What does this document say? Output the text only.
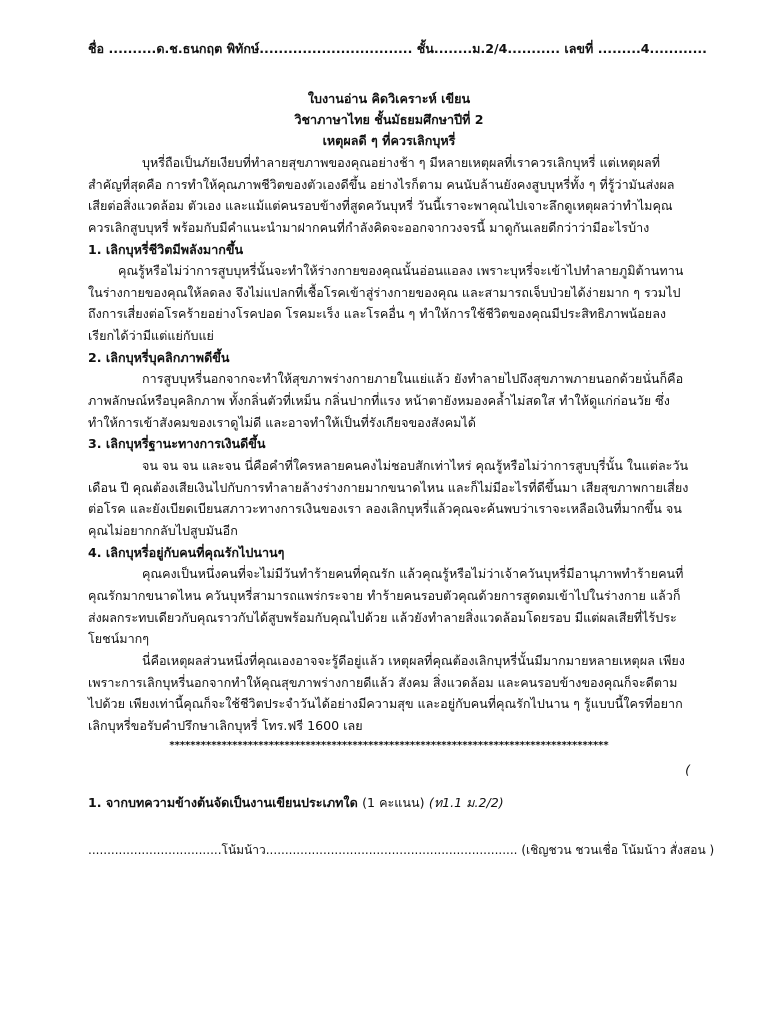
ชื่อ ..........ด.ช.ธนกฤต พิทักษ์................................ ชั้น........ม.2/4........... เลขที่ .........4............

ใบงานอ่าน คิดวิเคราะห์ เขียน

วิชาภาษาไทย ชั้นมัธยมศึกษาปีที่ 2

เหตุผลดี ๆ ที่ควรเลิกบุหรี่

บุหรี่ถือเป็นภัยเงียบที่ทำลายสุขภาพของคุณอย่างช้า ๆ มีหลายเหตุผลที่เราควรเลิกบุหรี่ แต่เหตุผลที่สำคัญที่สุดคือ การทำให้คุณภาพชีวิตของตัวเองดีขึ้น อย่างไรก็ตาม คนนับล้านยังคงสูบบุหรี่ทั้ง ๆ ที่รู้ว่ามันส่งผลเสียต่อสิ่งแวดล้อม ตัวเอง และแม้แต่คนรอบข้างที่สูดควันบุหรี่ วันนี้เราจะพาคุณไปเจาะลึกดูเหตุผลว่าทำไมคุณควรเลิกสูบบุหรี่ พร้อมกับมีคำแนะนำมาฝากคนที่กำลังคิดจะออกจากวงจรนี้ มาดูกันเลยดีกว่าว่ามีอะไรบ้าง

1. เลิกบุหรี่ชีวิตมีพลังมากขึ้น

คุณรู้หรือไม่ว่าการสูบบุหรี่นั้นจะทำให้ร่างกายของคุณนั้นอ่อนแอลง เพราะบุหรี่จะเข้าไปทำลายภูมิต้านทานในร่างกายของคุณให้ลดลง จึงไม่แปลกที่เชื้อโรคเข้าสู่ร่างกายของคุณ และสามารถเจ็บป่วยได้ง่ายมาก ๆ รวมไปถึงการเสี่ยงต่อโรคร้ายอย่างโรคปอด โรคมะเร็ง และโรคอื่น ๆ ทำให้การใช้ชีวิตของคุณมีประสิทธิภาพน้อยลง เรียกได้ว่ามีแต่แย่กับแย่

2. เลิกบุหรี่บุคลิกภาพดีขึ้น

การสูบบุหรี่นอกจากจะทำให้สุขภาพร่างกายภายในแย่แล้ว ยังทำลายไปถึงสุขภาพภายนอกด้วยนั่นก็คือภาพลักษณ์หรือบุคลิกภาพ ทั้งกลิ่นตัวที่เหม็น กลิ่นปากที่แรง หน้าตายังหมองคล้ำไม่สดใส ทำให้ดูแก่ก่อนวัย ซึ่งทำให้การเข้าสังคมของเราดูไม่ดี และอาจทำให้เป็นที่รังเกียจของสังคมได้

3. เลิกบุหรี่ฐานะทางการเงินดีขึ้น

จน จน จน และจน นี่คือคำที่ใครหลายคนคงไม่ชอบสักเท่าไหร่ คุณรู้หรือไม่ว่าการสูบบุรี่นั้น ในแต่ละวัน เดือน ปี คุณต้องเสียเงินไปกับการทำลายล้างร่างกายมากขนาดไหน และก็ไม่มีอะไรที่ดีขึ้นมา เสียสุขภาพกายเสี่ยงต่อโรค และยังเบียดเบียนสภาวะทางการเงินของเรา ลองเลิกบุหรี่แล้วคุณจะค้นพบว่าเราจะเหลือเงินที่มากขึ้น จนคุณไม่อยากกลับไปสูบมันอีก

4. เลิกบุหรี่อยู่กับคนที่คุณรักไปนานๆ

คุณคงเป็นหนึ่งคนที่จะไม่มีวันทำร้ายคนที่คุณรัก แล้วคุณรู้หรือไม่ว่าเจ้าควันบุหรี่มีอานุภาพทำร้ายคนที่คุณรักมากขนาดไหน ควันบุหรี่สามารถแพร่กระจาย ทำร้ายคนรอบตัวคุณด้วยการสูดดมเข้าไปในร่างกาย แล้วก็ส่งผลกระทบเดียวกับคุณราวกับได้สูบพร้อมกับคุณไปด้วย แล้วยังทำลายสิ่งแวดล้อมโดยรอบ มีแต่ผลเสียที่ไร้ประโยชน์มากๆ

นี่คือเหตุผลส่วนหนึ่งที่คุณเองอาจจะรู้ดีอยู่แล้ว เหตุผลที่คุณต้องเลิกบุหรี่นั้นมีมากมายหลายเหตุผล เพียงเพราะการเลิกบุหรี่นอกจากทำให้คุณสุขภาพร่างกายดีแล้ว สังคม สิ่งแวดล้อม และคนรอบข้างของคุณก็จะดีตามไปด้วย เพียงเท่านี้คุณก็จะใช้ชีวิตประจำวันได้อย่างมีความสุข และอยู่กับคนที่คุณรักไปนาน ๆ รู้แบบนี้ใครที่อยากเลิกบุหรี่ขอรับคำปรึกษาเลิกบุหรี่ โทร.ฟรี 1600 เลย

************************************************************************************

(

1. จากบทความข้างต้นจัดเป็นงานเขียนประเภทใด (1 คะแนน) (ท1.1 ม.2/2)

...................................โน้มน้าว.................................................................. (เชิญชวน ชวนเชื่อ โน้มน้าว สั่งสอน )
